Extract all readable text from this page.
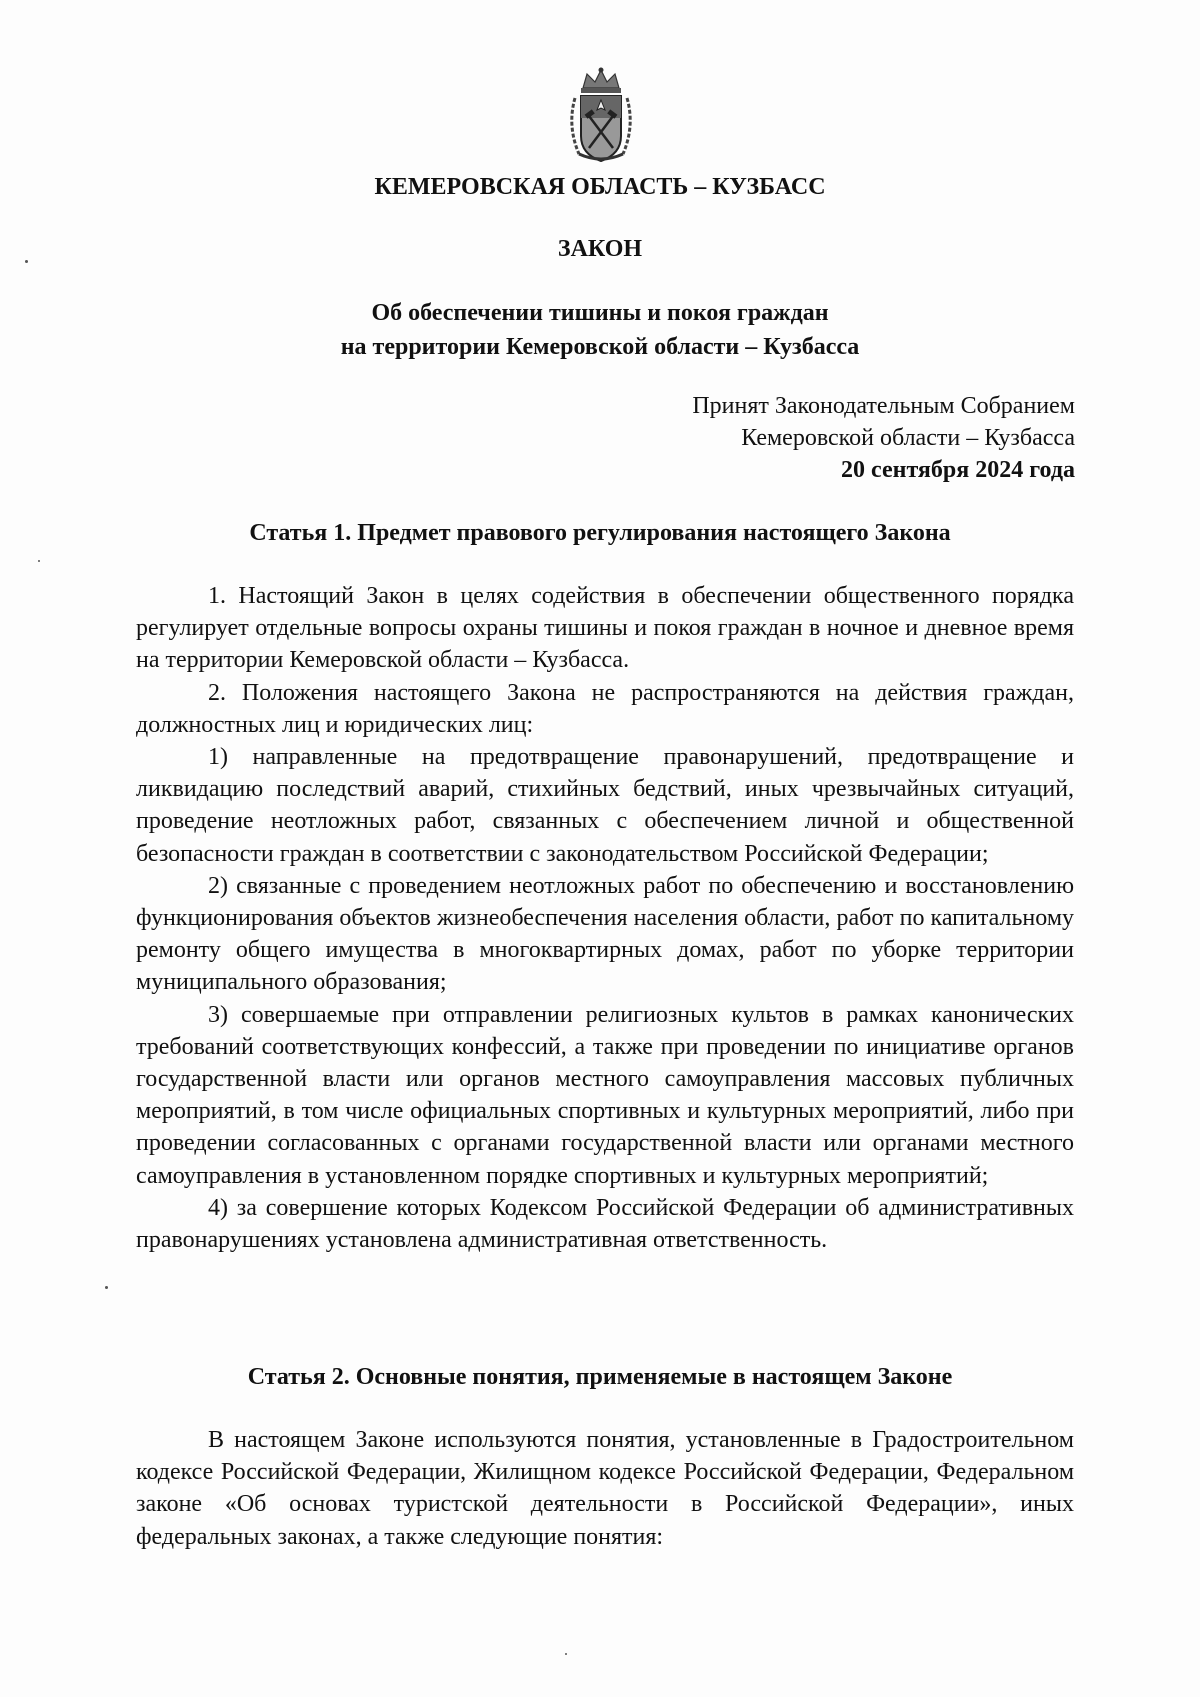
КЕМЕРОВСКАЯ ОБЛАСТЬ – КУЗБАСС
ЗАКОН
Об обеспечении тишины и покоя граждан
на территории Кемеровской области – Кузбасса
Принят Законодательным Собранием
Кемеровской области – Кузбасса
20 сентября 2024 года
Статья 1. Предмет правового регулирования настоящего Закона

1. Настоящий Закон в целях содействия в обеспечении общественного порядка регулирует отдельные вопросы охраны тишины и покоя граждан в ночное и дневное время на территории Кемеровской области – Кузбасса.

2. Положения настоящего Закона не распространяются на действия граждан, должностных лиц и юридических лиц:

1) направленные на предотвращение правонарушений, предотвращение и ликвидацию последствий аварий, стихийных бедствий, иных чрезвычайных ситуаций, проведение неотложных работ, связанных с обеспечением личной и общественной безопасности граждан в соответствии с законодательством Российской Федерации;

2) связанные с проведением неотложных работ по обеспечению и восстановлению функционирования объектов жизнеобеспечения населения области, работ по капитальному ремонту общего имущества в многоквартирных домах, работ по уборке территории муниципального образования;

3) совершаемые при отправлении религиозных культов в рамках канонических требований соответствующих конфессий, а также при проведении по инициативе органов государственной власти или органов местного самоуправления массовых публичных мероприятий, в том числе официальных спортивных и культурных мероприятий, либо при проведении согласованных с органами государственной власти или органами местного самоуправления в установленном порядке спортивных и культурных мероприятий;

4) за совершение которых Кодексом Российской Федерации об административных правонарушениях установлена административная ответственность.

Статья 2. Основные понятия, применяемые в настоящем Законе

В настоящем Законе используются понятия, установленные в Градостроительном кодексе Российской Федерации, Жилищном кодексе Российской Федерации, Федеральном законе «Об основах туристской деятельности в Российской Федерации», иных федеральных законах, а также следующие понятия:
